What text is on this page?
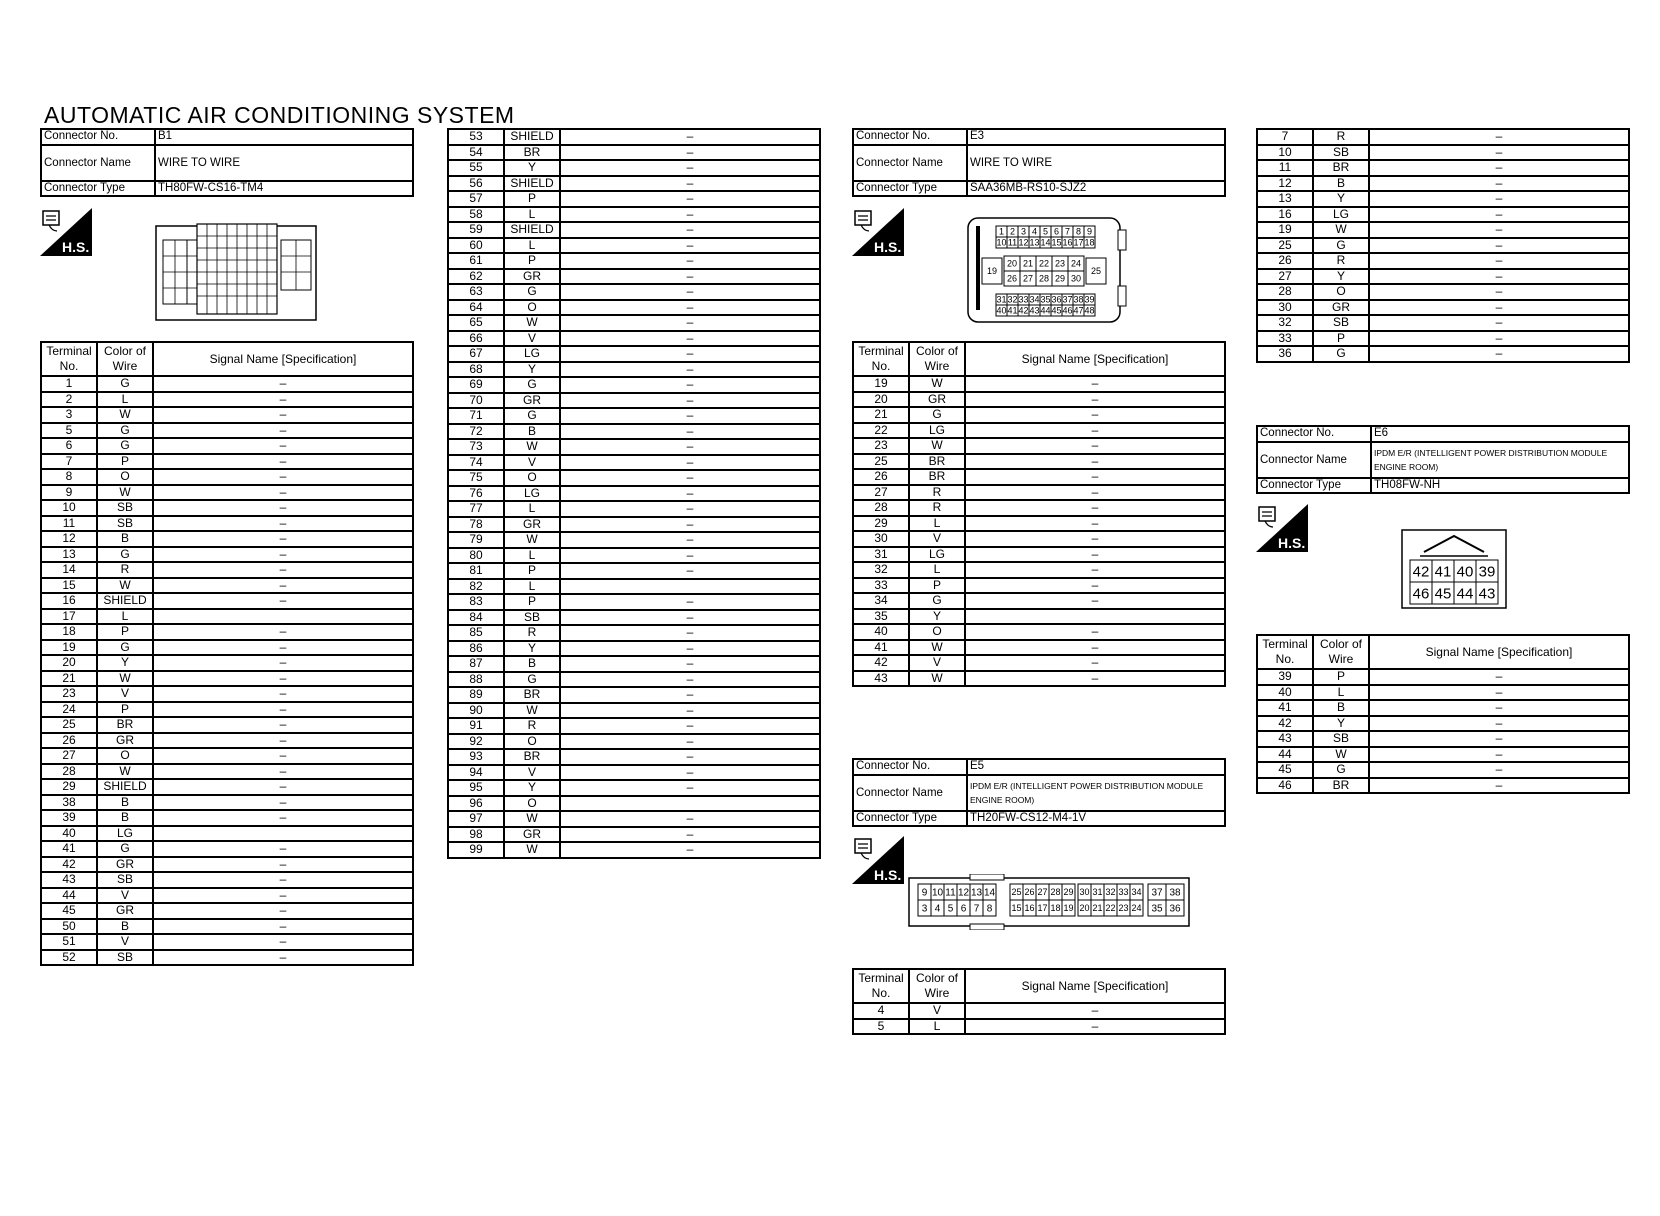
AUTOMATIC AIR CONDITIONING SYSTEM
Connector No.	B1
Connector Name	WIRE TO WIRE
Connector Type	TH80FW-CS16-TM4
H.S.
Terminal No.	Color of Wire	Signal Name [Specification]
1	G	–
2	L	–
3	W	–
5	G	–
6	G	–
7	P	–
8	O	–
9	W	–
10	SB	–
11	SB	–
12	B	–
13	G	–
14	R	–
15	W	–
16	SHIELD	–
17	L	
18	P	–
19	G	–
20	Y	–
21	W	–
23	V	–
24	P	–
25	BR	–
26	GR	–
27	O	–
28	W	–
29	SHIELD	–
38	B	–
39	B	–
40	LG	
41	G	–
42	GR	–
43	SB	–
44	V	–
45	GR	–
50	B	–
51	V	–
52	SB	–
53	SHIELD	–
54	BR	–
55	Y	–
56	SHIELD	–
57	P	–
58	L	–
59	SHIELD	–
60	L	–
61	P	–
62	GR	–
63	G	–
64	O	–
65	W	–
66	V	–
67	LG	–
68	Y	–
69	G	–
70	GR	–
71	G	–
72	B	–
73	W	–
74	V	–
75	O	–
76	LG	–
77	L	–
78	GR	–
79	W	–
80	L	–
81	P	–
82	L	
83	P	–
84	SB	–
85	R	–
86	Y	–
87	B	–
88	G	–
89	BR	–
90	W	–
91	R	–
92	O	–
93	BR	–
94	V	–
95	Y	–
96	O	
97	W	–
98	GR	–
99	W	–
Connector No.	E3
Connector Name	WIRE TO WIRE
Connector Type	SAA36MB-RS10-SJZ2
H.S.
1 2 3 4 5 6 7 8 9
10 11 12 13 14 15 16 17 18
19
20 21 22 23 24
26 27 28 29 30
25
31 32 33 34 35 36 37 38 39
40 41 42 43 44 45 46 47 48
Terminal No.	Color of Wire	Signal Name [Specification]
19	W	–
20	GR	–
21	G	–
22	LG	–
23	W	–
25	BR	–
26	BR	–
27	R	–
28	R	–
29	L	–
30	V	–
31	LG	–
32	L	–
33	P	–
34	G	–
35	Y	
40	O	–
41	W	–
42	V	–
43	W	–
Connector No.	E5
Connector Name	IPDM E/R (INTELLIGENT POWER DISTRIBUTION MODULE ENGINE ROOM)
Connector Type	TH20FW-CS12-M4-1V
H.S.
9 10 11 12 13 14
3 4 5 6 7 8
25 26 27 28 29
15 16 17 18 19
30 31 32 33 34
20 21 22 23 24
37 38
35 36
Terminal No.	Color of Wire	Signal Name [Specification]
4	V	–
5	L	–
7	R	–
10	SB	–
11	BR	–
12	B	–
13	Y	–
16	LG	–
19	W	–
25	G	–
26	R	–
27	Y	–
28	O	–
30	GR	–
32	SB	–
33	P	–
36	G	–
Connector No.	E6
Connector Name	IPDM E/R (INTELLIGENT POWER DISTRIBUTION MODULE ENGINE ROOM)
Connector Type	TH08FW-NH
H.S.
42 41 40 39
46 45 44 43
Terminal No.	Color of Wire	Signal Name [Specification]
39	P	–
40	L	–
41	B	–
42	Y	–
43	SB	–
44	W	–
45	G	–
46	BR	–
